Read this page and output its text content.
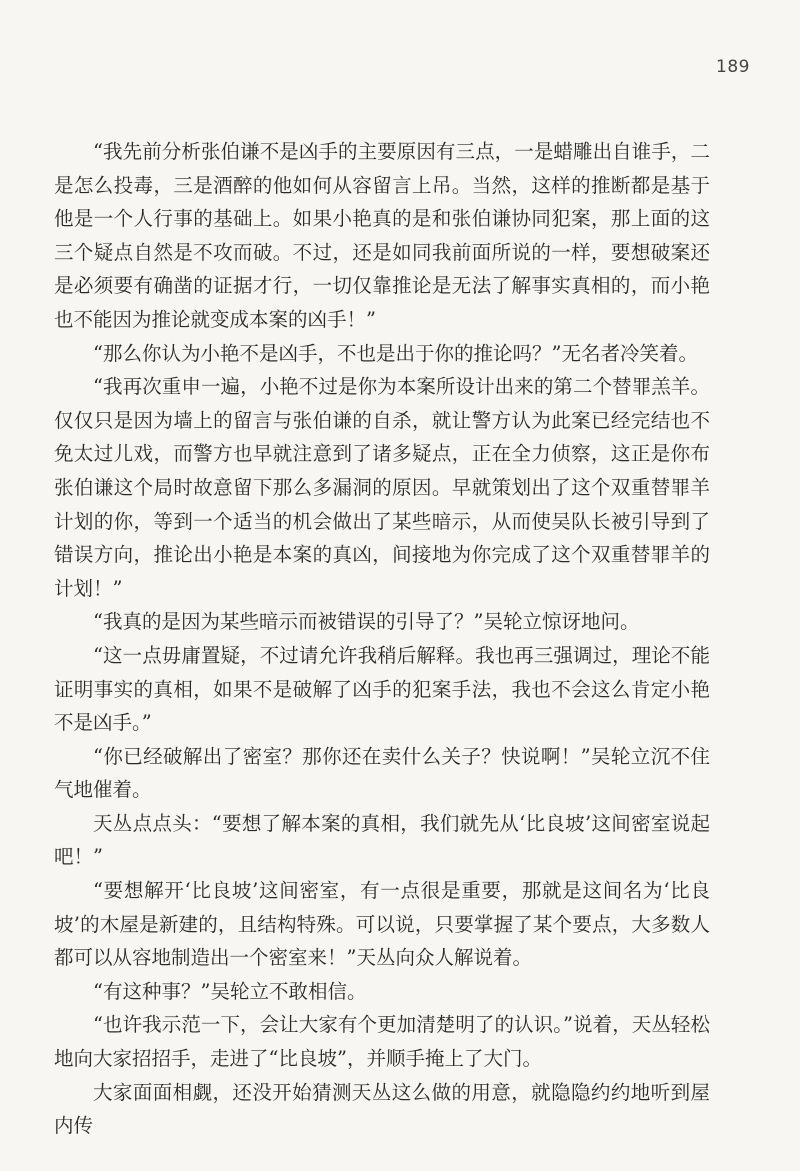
189

“我先前分析张伯谦不是凶手的主要原因有三点，一是蜡雕出自谁手，二是怎么投毒，三是酒醉的他如何从容留言上吊。当然，这样的推断都是基于他是一个人行事的基础上。如果小艳真的是和张伯谦协同犯案，那上面的这三个疑点自然是不攻而破。不过，还是如同我前面所说的一样，要想破案还是必须要有确凿的证据才行，一切仅靠推论是无法了解事实真相的，而小艳也不能因为推论就变成本案的凶手！”

“那么你认为小艳不是凶手，不也是出于你的推论吗？”无名者冷笑着。

“我再次重申一遍，小艳不过是你为本案所设计出来的第二个替罪羔羊。仅仅只是因为墙上的留言与张伯谦的自杀，就让警方认为此案已经完结也不免太过儿戏，而警方也早就注意到了诸多疑点，正在全力侦察，这正是你布张伯谦这个局时故意留下那么多漏洞的原因。早就策划出了这个双重替罪羊计划的你，等到一个适当的机会做出了某些暗示，从而使吴队长被引导到了错误方向，推论出小艳是本案的真凶，间接地为你完成了这个双重替罪羊的计划！”

“我真的是因为某些暗示而被错误的引导了？”吴轮立惊讶地问。

“这一点毋庸置疑，不过请允许我稍后解释。我也再三强调过，理论不能证明事实的真相，如果不是破解了凶手的犯案手法，我也不会这么肯定小艳不是凶手。”

“你已经破解出了密室？那你还在卖什么关子？快说啊！”吴轮立沉不住气地催着。

天丛点点头：“要想了解本案的真相，我们就先从‘比良坡’这间密室说起吧！”

“要想解开‘比良坡’这间密室，有一点很是重要，那就是这间名为‘比良坡’的木屋是新建的，且结构特殊。可以说，只要掌握了某个要点，大多数人都可以从容地制造出一个密室来！”天丛向众人解说着。

“有这种事？”吴轮立不敢相信。

“也许我示范一下，会让大家有个更加清楚明了的认识。”说着，天丛轻松地向大家招招手，走进了“比良坡”，并顺手掩上了大门。

大家面面相觑，还没开始猜测天丛这么做的用意，就隐隐约约地听到屋内传
